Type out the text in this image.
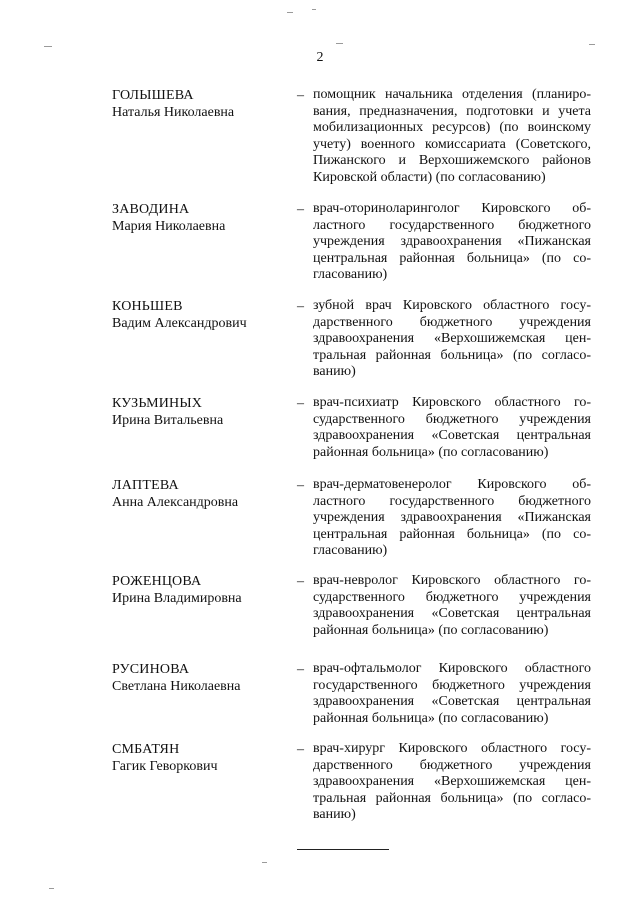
2
ГОЛЫШЕВА
Наталья Николаевна
– помощник начальника отделения (планиро-
вания, предназначения, подготовки и учета
мобилизационных ресурсов) (по воинскому
учету) военного комиссариата (Советского,
Пижанского и Верхошижемского районов
Кировской области) (по согласованию)
ЗАВОДИНА
Мария Николаевна
– врач-оториноларинголог Кировского об-
ластного государственного бюджетного
учреждения здравоохранения «Пижанская
центральная районная больница» (по со-
гласованию)
КОНЬШЕВ
Вадим Александрович
– зубной врач Кировского областного госу-
дарственного бюджетного учреждения
здравоохранения «Верхошижемская цен-
тральная районная больница» (по согласо-
ванию)
КУЗЬМИНЫХ
Ирина Витальевна
– врач-психиатр Кировского областного го-
сударственного бюджетного учреждения
здравоохранения «Советская центральная
районная больница» (по согласованию)
ЛАПТЕВА
Анна Александровна
– врач-дерматовенеролог Кировского об-
ластного государственного бюджетного
учреждения здравоохранения «Пижанская
центральная районная больница» (по со-
гласованию)
РОЖЕНЦОВА
Ирина Владимировна
– врач-невролог Кировского областного го-
сударственного бюджетного учреждения
здравоохранения «Советская центральная
районная больница» (по согласованию)
РУСИНОВА
Светлана Николаевна
– врач-офтальмолог Кировского областного
государственного бюджетного учреждения
здравоохранения «Советская центральная
районная больница» (по согласованию)
СМБАТЯН
Гагик Геворкович
– врач-хирург Кировского областного госу-
дарственного бюджетного учреждения
здравоохранения «Верхошижемская цен-
тральная районная больница» (по согласо-
ванию)
